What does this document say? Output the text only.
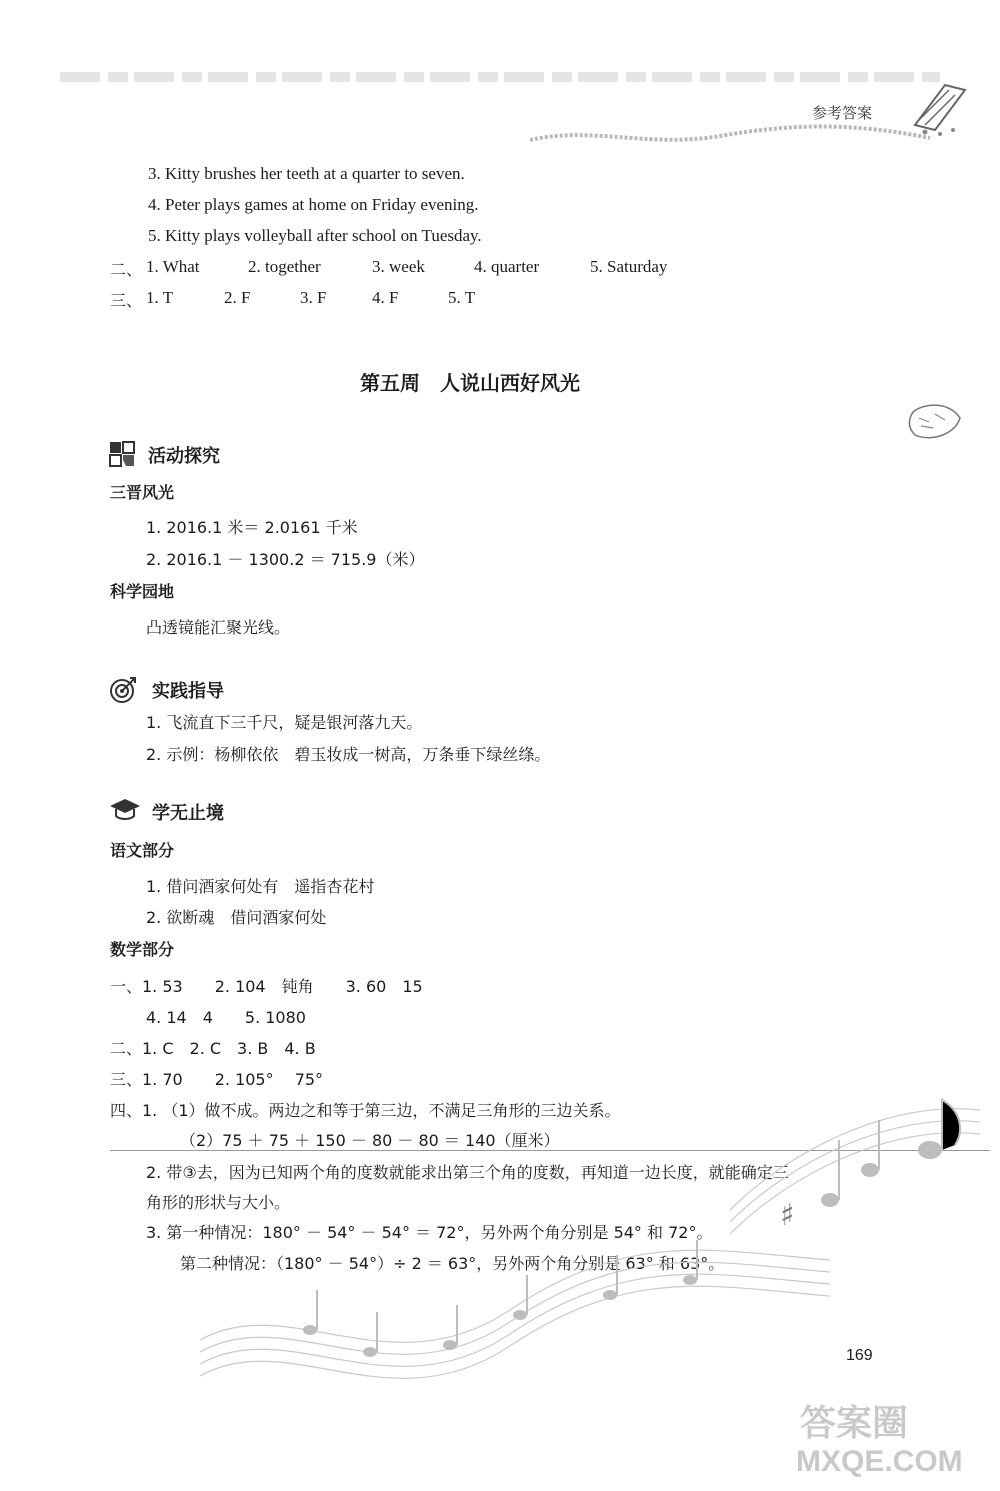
参考答案
3. Kitty brushes her teeth at a quarter to seven.
4. Peter plays games at home on Friday evening.
5. Kitty plays volleyball after school on Tuesday.
二、 1. What	2. together	3. week	4. quarter	5. Saturday
三、 1. T	2. F	3. F	4. F	5. T
第五周　人说山西好风光
活动探究
三晋风光
1. 2016.1 米＝ 2.0161 千米
2. 2016.1 － 1300.2 ＝ 715.9（米）
科学园地
凸透镜能汇聚光线。
实践指导
1. 飞流直下三千尺，疑是银河落九天。
2. 示例：杨柳依依　碧玉妆成一树高，万条垂下绿丝绦。
学无止境
语文部分
1. 借问酒家何处有　遥指杏花村
2. 欲断魂　借问酒家何处
数学部分
一、1. 53　　2. 104　钝角　　3. 60　15
4. 14　4　　5. 1080
二、1. C　2. C　3. B　4. B
三、1. 70　　2. 105°　 75°
四、1. （1）做不成。两边之和等于第三边，不满足三角形的三边关系。
（2）75 ＋ 75 ＋ 150 － 80 － 80 ＝ 140（厘米）
2. 带③去，因为已知两个角的度数就能求出第三个角的度数，再知道一边长度，就能确定三
角形的形状与大小。
3. 第一种情况：180° － 54° － 54° ＝ 72°，另外两个角分别是 54° 和 72°。
第二种情况：（180° － 54°）÷ 2 ＝ 63°，另外两个角分别是 63° 和 63°。
♯
169
答案圈
MXQE.COM
